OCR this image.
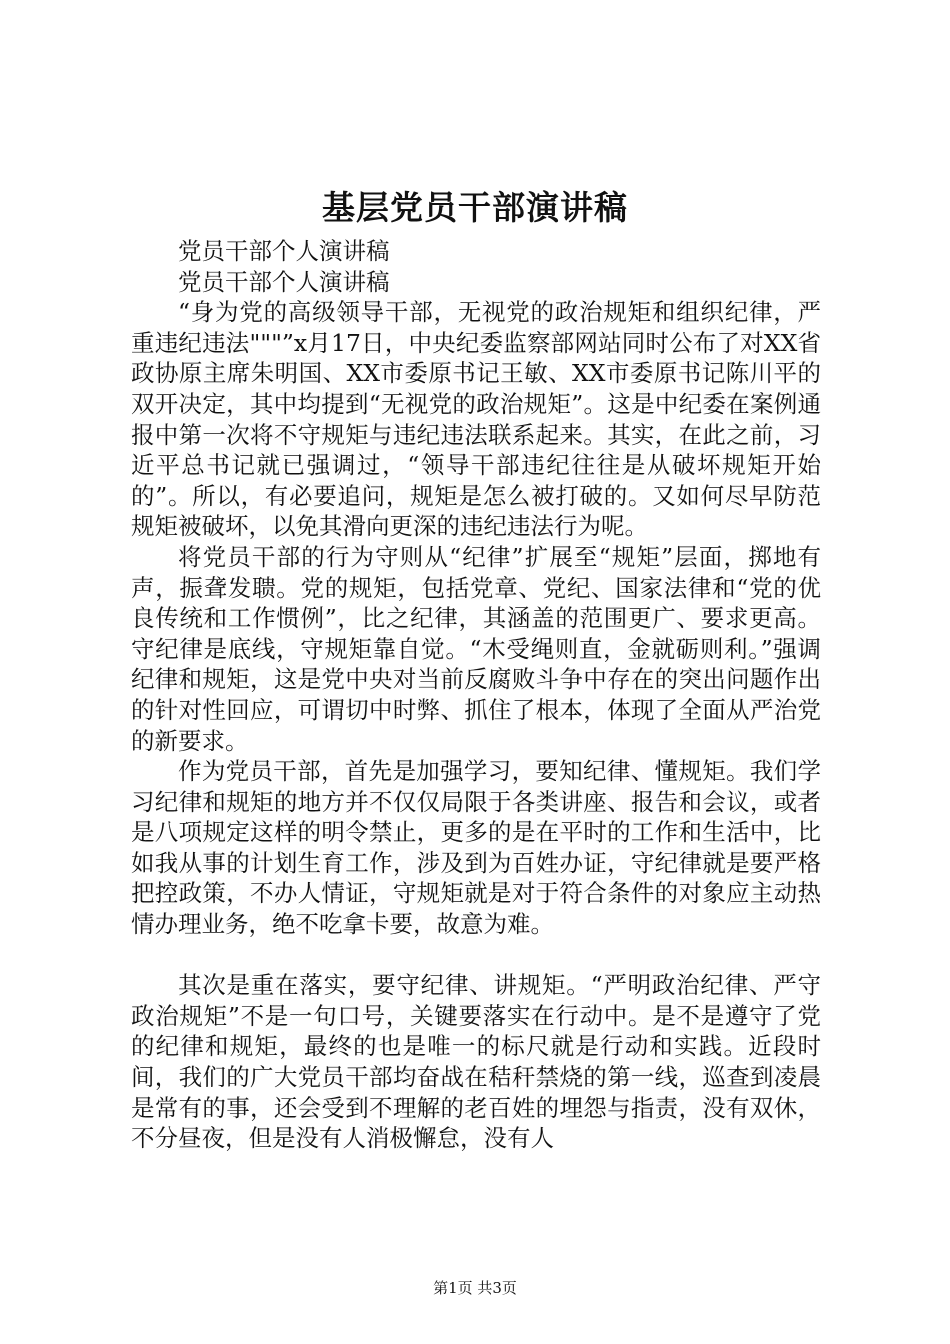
基层党员干部演讲稿

党员干部个人演讲稿

党员干部个人演讲稿

“身为党的高级领导干部，无视党的政治规矩和组织纪律，严重违纪违法"""”x月17日，中央纪委监察部网站同时公布了对XX省政协原主席朱明国、XX市委原书记王敏、XX市委原书记陈川平的双开决定，其中均提到“无视党的政治规矩”。这是中纪委在案例通报中第一次将不守规矩与违纪违法联系起来。其实，在此之前，习近平总书记就已强调过，“领导干部违纪往往是从破坏规矩开始的”。所以，有必要追问，规矩是怎么被打破的。又如何尽早防范规矩被破坏，以免其滑向更深的违纪违法行为呢。

将党员干部的行为守则从“纪律”扩展至“规矩”层面，掷地有声，振聋发聩。党的规矩，包括党章、党纪、国家法律和“党的优良传统和工作惯例”，比之纪律，其涵盖的范围更广、要求更高。守纪律是底线，守规矩靠自觉。“木受绳则直，金就砺则利。”强调纪律和规矩，这是党中央对当前反腐败斗争中存在的突出问题作出的针对性回应，可谓切中时弊、抓住了根本，体现了全面从严治党的新要求。

作为党员干部，首先是加强学习，要知纪律、懂规矩。我们学习纪律和规矩的地方并不仅仅局限于各类讲座、报告和会议，或者是八项规定这样的明令禁止，更多的是在平时的工作和生活中，比如我从事的计划生育工作，涉及到为百姓办证，守纪律就是要严格把控政策，不办人情证，守规矩就是对于符合条件的对象应主动热情办理业务，绝不吃拿卡要，故意为难。

其次是重在落实，要守纪律、讲规矩。“严明政治纪律、严守政治规矩”不是一句口号，关键要落实在行动中。是不是遵守了党的纪律和规矩，最终的也是唯一的标尺就是行动和实践。近段时间，我们的广大党员干部均奋战在秸秆禁烧的第一线，巡查到凌晨是常有的事，还会受到不理解的老百姓的埋怨与指责，没有双休，不分昼夜，但是没有人消极懈怠，没有人

第1页 共3页
